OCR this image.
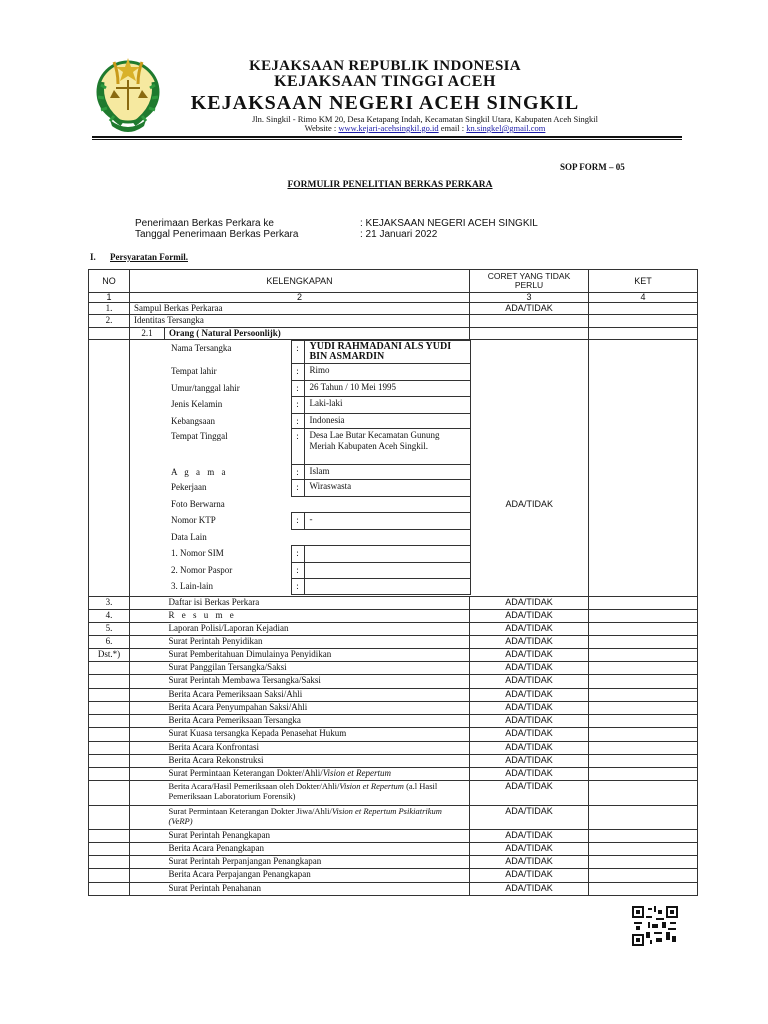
KEJAKSAAN REPUBLIK INDONESIA
KEJAKSAAN TINGGI ACEH
KEJAKSAAN NEGERI ACEH SINGKIL
Jln. Singkil - Rimo KM 20, Desa Ketapang Indah, Kecamatan Singkil Utara, Kabupaten Aceh Singkil
Website : www.kejari-acehsingkil.go.id email : kn.singkel@gmail.com
SOP FORM – 05
FORMULIR PENELITIAN BERKAS PERKARA
Penerimaan Berkas Perkara ke	: KEJAKSAAN NEGERI ACEH SINGKIL
Tanggal Penerimaan Berkas Perkara	: 21 Januari 2022
I. Persyaratan Formil.
NO	KELENGKAPAN	CORET YANG TIDAK PERLU	KET
1	2	3	4
1.	Sampul Berkas Perkaraa	ADA/TIDAK	
2.	Identitas Tersangka		
	2.1	Orang ( Natural Persoonlijk)		

Nama Tersangka	:	YUDI RAHMADANI ALS YUDI BIN ASMARDIN	
Tempat lahir	:	Rimo	
Umur/tanggal lahir	:	26 Tahun / 10 Mei 1995	
Jenis Kelamin	:	Laki-laki	
Kebangsaan	:	Indonesia	
Tempat Tinggal	:	Desa Lae Butar Kecamatan Gunung Meriah Kabupaten Aceh Singkil.	
A g a m a	:	Islam	
Pekerjaan	:	Wiraswasta	
Foto Berwarna			ADA/TIDAK
Nomor KTP	:	-	
Data Lain			
1. Nomor SIM	:		
2. Nomor Paspor	:		
3. Lain-lain	:		

3.		Daftar isi Berkas Perkara	ADA/TIDAK	
4.		R e s u m e	ADA/TIDAK	
5.		Laporan Polisi/Laporan Kejadian	ADA/TIDAK	
6.		Surat Perintah Penyidikan	ADA/TIDAK	
Dst.*)		Surat Pemberitahuan Dimulainya Penyidikan	ADA/TIDAK	
		Surat Panggilan Tersangka/Saksi	ADA/TIDAK	
		Surat Perintah Membawa Tersangka/Saksi	ADA/TIDAK	
		Berita Acara Pemeriksaan Saksi/Ahli	ADA/TIDAK	
		Berita Acara Penyumpahan Saksi/Ahli	ADA/TIDAK	
		Berita Acara Pemeriksaan Tersangka	ADA/TIDAK	
		Surat Kuasa tersangka Kepada Penasehat Hukum	ADA/TIDAK	
		Berita Acara Konfrontasi	ADA/TIDAK	
		Berita Acara Rekonstruksi	ADA/TIDAK	
		Surat Permintaan Keterangan Dokter/Ahli/Vision et Repertum	ADA/TIDAK	
		Berita Acara/Hasil Pemeriksaan oleh Dokter/Ahli/Vision et Repertum (a.l Hasil Pemeriksaan Laboratorium Forensik)	ADA/TIDAK	
		Surat Permintaan Keterangan Dokter Jiwa/Ahli/Vision et Repertum Psikiatrikum (VeRP)	ADA/TIDAK	
		Surat Perintah Penangkapan	ADA/TIDAK	
		Berita Acara Penangkapan	ADA/TIDAK	
		Surat Perintah Perpanjangan Penangkapan	ADA/TIDAK	
		Berita Acara Perpajangan Penangkapan	ADA/TIDAK	
		Surat Perintah Penahanan	ADA/TIDAK	
